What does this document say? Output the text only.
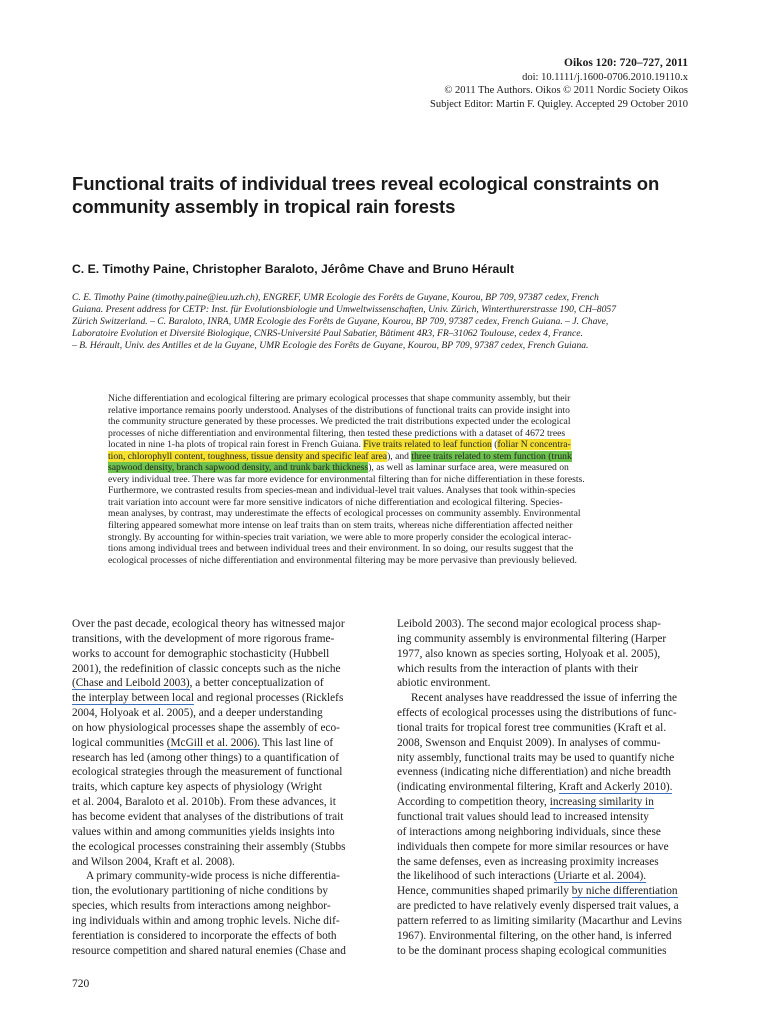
Oikos 120: 720–727, 2011
doi: 10.1111/j.1600-0706.2010.19110.x
© 2011 The Authors. Oikos © 2011 Nordic Society Oikos
Subject Editor: Martin F. Quigley. Accepted 29 October 2010
Functional traits of individual trees reveal ecological constraints on
community assembly in tropical rain forests
C. E. Timothy Paine, Christopher Baraloto, Jérôme Chave and Bruno Hérault
C. E. Timothy Paine (timothy.paine@ieu.uzh.ch), ENGREF, UMR Ecologie des Forêts de Guyane, Kourou, BP 709, 97387 cedex, French
Guiana. Present address for CETP: Inst. für Evolutionsbiologie und Umweltwissenschaften, Univ. Zürich, Winterthurerstrasse 190, CH–8057
Zürich Switzerland. – C. Baraloto, INRA, UMR Ecologie des Forêts de Guyane, Kourou, BP 709, 97387 cedex, French Guiana. – J. Chave,
Laboratoire Evolution et Diversité Biologique, CNRS-Université Paul Sabatier, Bâtiment 4R3, FR–31062 Toulouse, cedex 4, France.
– B. Hérault, Univ. des Antilles et de la Guyane, UMR Ecologie des Forêts de Guyane, Kourou, BP 709, 97387 cedex, French Guiana.
Niche differentiation and ecological filtering are primary ecological processes that shape community assembly, but their
relative importance remains poorly understood. Analyses of the distributions of functional traits can provide insight into
the community structure generated by these processes. We predicted the trait distributions expected under the ecological
processes of niche differentiation and environmental filtering, then tested these predictions with a dataset of 4672 trees
located in nine 1-ha plots of tropical rain forest in French Guiana. Five traits related to leaf function (foliar N concentra-
tion, chlorophyll content, toughness, tissue density and specific leaf area), and three traits related to stem function (trunk
sapwood density, branch sapwood density, and trunk bark thickness), as well as laminar surface area, were measured on
every individual tree. There was far more evidence for environmental filtering than for niche differentiation in these forests.
Furthermore, we contrasted results from species-mean and individual-level trait values. Analyses that took within-species
trait variation into account were far more sensitive indicators of niche differentiation and ecological filtering. Species-
mean analyses, by contrast, may underestimate the effects of ecological processes on community assembly. Environmental
filtering appeared somewhat more intense on leaf traits than on stem traits, whereas niche differentiation affected neither
strongly. By accounting for within-species trait variation, we were able to more properly consider the ecological interac-
tions among individual trees and between individual trees and their environment. In so doing, our results suggest that the
ecological processes of niche differentiation and environmental filtering may be more pervasive than previously believed.
Over the past decade, ecological theory has witnessed major
transitions, with the development of more rigorous frame-
works to account for demographic stochasticity (Hubbell
2001), the redefinition of classic concepts such as the niche
(Chase and Leibold 2003), a better conceptualization of
the interplay between local and regional processes (Ricklefs
2004, Holyoak et al. 2005), and a deeper understanding
on how physiological processes shape the assembly of eco-
logical communities (McGill et al. 2006). This last line of
research has led (among other things) to a quantification of
ecological strategies through the measurement of functional
traits, which capture key aspects of physiology (Wright
et al. 2004, Baraloto et al. 2010b). From these advances, it
has become evident that analyses of the distributions of trait
values within and among communities yields insights into
the ecological processes constraining their assembly (Stubbs
and Wilson 2004, Kraft et al. 2008).
A primary community-wide process is niche differentia-
tion, the evolutionary partitioning of niche conditions by
species, which results from interactions among neighbor-
ing individuals within and among trophic levels. Niche dif-
ferentiation is considered to incorporate the effects of both
resource competition and shared natural enemies (Chase and
Leibold 2003). The second major ecological process shap-
ing community assembly is environmental filtering (Harper
1977, also known as species sorting, Holyoak et al. 2005),
which results from the interaction of plants with their
abiotic environment.
Recent analyses have readdressed the issue of inferring the
effects of ecological processes using the distributions of func-
tional traits for tropical forest tree communities (Kraft et al.
2008, Swenson and Enquist 2009). In analyses of commu-
nity assembly, functional traits may be used to quantify niche
evenness (indicating niche differentiation) and niche breadth
(indicating environmental filtering, Kraft and Ackerly 2010).
According to competition theory, increasing similarity in
functional trait values should lead to increased intensity
of interactions among neighboring individuals, since these
individuals then compete for more similar resources or have
the same defenses, even as increasing proximity increases
the likelihood of such interactions (Uriarte et al. 2004).
Hence, communities shaped primarily by niche differentiation
are predicted to have relatively evenly dispersed trait values, a
pattern referred to as limiting similarity (Macarthur and Levins
1967). Environmental filtering, on the other hand, is inferred
to be the dominant process shaping ecological communities
720
